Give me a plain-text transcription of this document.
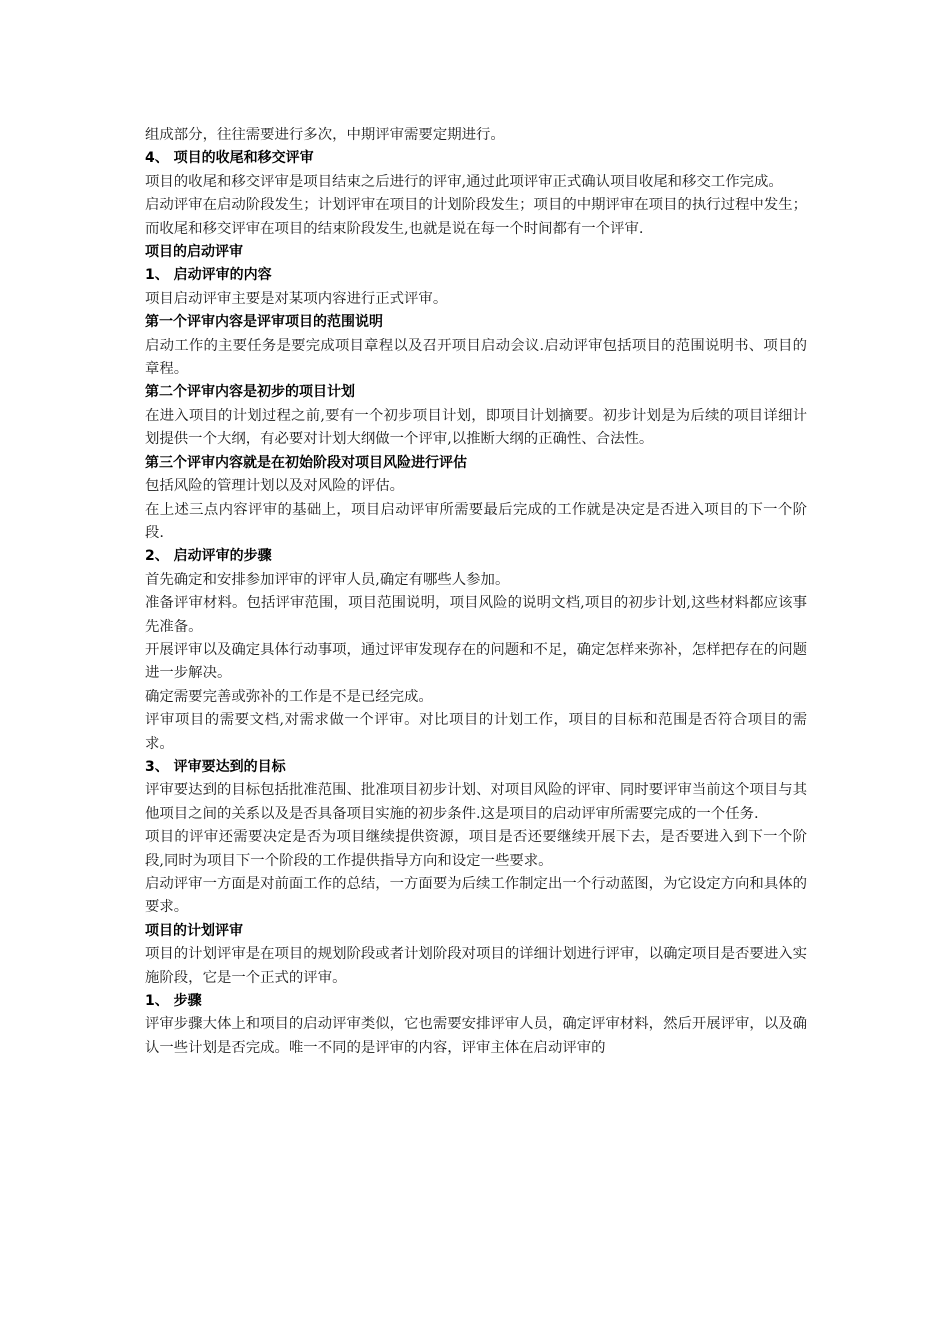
组成部分，往往需要进行多次，中期评审需要定期进行。

4、 项目的收尾和移交评审

项目的收尾和移交评审是项目结束之后进行的评审,通过此项评审正式确认项目收尾和移交工作完成。

启动评审在启动阶段发生；计划评审在项目的计划阶段发生；项目的中期评审在项目的执行过程中发生；而收尾和移交评审在项目的结束阶段发生,也就是说在每一个时间都有一个评审.

项目的启动评审

1、 启动评审的内容

项目启动评审主要是对某项内容进行正式评审。

第一个评审内容是评审项目的范围说明

启动工作的主要任务是要完成项目章程以及召开项目启动会议.启动评审包括项目的范围说明书、项目的章程。

第二个评审内容是初步的项目计划

在进入项目的计划过程之前,要有一个初步项目计划，即项目计划摘要。初步计划是为后续的项目详细计划提供一个大纲，有必要对计划大纲做一个评审,以推断大纲的正确性、合法性。

第三个评审内容就是在初始阶段对项目风险进行评估

包括风险的管理计划以及对风险的评估。

在上述三点内容评审的基础上，项目启动评审所需要最后完成的工作就是决定是否进入项目的下一个阶段.

2、 启动评审的步骤

首先确定和安排参加评审的评审人员,确定有哪些人参加。

准备评审材料。包括评审范围，项目范围说明，项目风险的说明文档,项目的初步计划,这些材料都应该事先准备。

开展评审以及确定具体行动事项，通过评审发现存在的问题和不足，确定怎样来弥补，怎样把存在的问题进一步解决。

确定需要完善或弥补的工作是不是已经完成。

评审项目的需要文档,对需求做一个评审。对比项目的计划工作，项目的目标和范围是否符合项目的需求。

3、 评审要达到的目标

评审要达到的目标包括批准范围、批准项目初步计划、对项目风险的评审、同时要评审当前这个项目与其他项目之间的关系以及是否具备项目实施的初步条件.这是项目的启动评审所需要完成的一个任务.

项目的评审还需要决定是否为项目继续提供资源，项目是否还要继续开展下去，是否要进入到下一个阶段,同时为项目下一个阶段的工作提供指导方向和设定一些要求。

启动评审一方面是对前面工作的总结，一方面要为后续工作制定出一个行动蓝图，为它设定方向和具体的要求。

项目的计划评审

项目的计划评审是在项目的规划阶段或者计划阶段对项目的详细计划进行评审，以确定项目是否要进入实施阶段，它是一个正式的评审。

1、 步骤

评审步骤大体上和项目的启动评审类似，它也需要安排评审人员，确定评审材料，然后开展评审，以及确认一些计划是否完成。唯一不同的是评审的内容，评审主体在启动评审的
